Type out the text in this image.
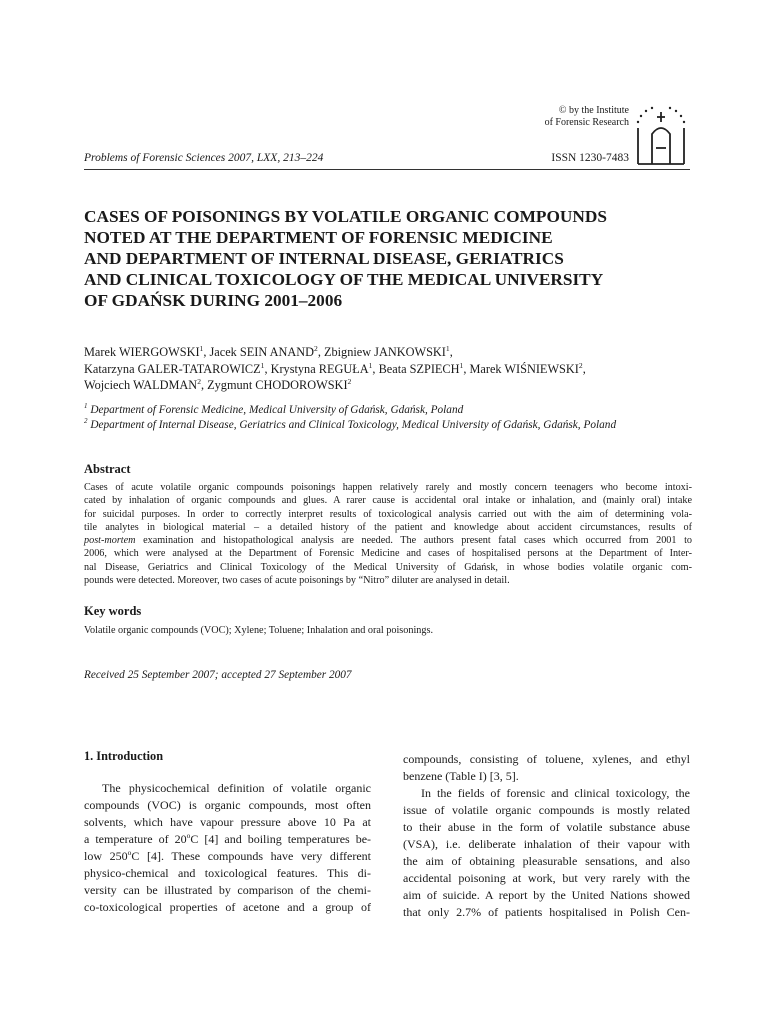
© by the Institute
of Forensic Research
Problems of Forensic Sciences 2007, LXX, 213–224	ISSN 1230-7483
CASES OF POISONINGS BY VOLATILE ORGANIC COMPOUNDS
NOTED AT THE DEPARTMENT OF FORENSIC MEDICINE
AND DEPARTMENT OF INTERNAL DISEASE, GERIATRICS
AND CLINICAL TOXICOLOGY OF THE MEDICAL UNIVERSITY
OF GDAŃSK DURING 2001–2006
Marek WIERGOWSKI$^1$, Jacek SEIN ANAND$^2$, Zbigniew JANKOWSKI$^1$,
Katarzyna GALER-TATAROWICZ$^1$, Krystyna REGUŁA$^1$, Beata SZPIECH$^1$, Marek WIŚNIEWSKI$^2$,
Wojciech WALDMAN$^2$, Zygmunt CHODOROWSKI$^2$
$^1$ Department of Forensic Medicine, Medical University of Gdańsk, Gdańsk, Poland
$^2$ Department of Internal Disease, Geriatrics and Clinical Toxicology, Medical University of Gdańsk, Gdańsk, Poland
Abstract
Cases of acute volatile organic compounds poisonings happen relatively rarely and mostly concern teenagers who become intoxi-
cated by inhalation of organic compounds and glues. A rarer cause is accidental oral intake or inhalation, and (mainly oral) intake
for suicidal purposes. In order to correctly interpret results of toxicological analysis carried out with the aim of determining vola-
tile analytes in biological material – a detailed history of the patient and knowledge about accident circumstances, results of
post-mortem examination and histopathological analysis are needed. The authors present fatal cases which occurred from 2001 to
2006, which were analysed at the Department of Forensic Medicine and cases of hospitalised persons at the Department of Inter-
nal Disease, Geriatrics and Clinical Toxicology of the Medical University of Gdańsk, in whose bodies volatile organic com-
pounds were detected. Moreover, two cases of acute poisonings by “Nitro” diluter are analysed in detail.
Key words
Volatile organic compounds (VOC); Xylene; Toluene; Inhalation and oral poisonings.
Received 25 September 2007; accepted 27 September 2007
1. Introduction
The physicochemical definition of volatile organic
compounds (VOC) is organic compounds, most often
solvents, which have vapour pressure above 10 Pa at
a temperature of 20$^o$C [4] and boiling temperatures be-
low 250$^o$C [4]. These compounds have very different
physico-chemical and toxicological features. This di-
versity can be illustrated by comparison of the chemi-
co-toxicological properties of acetone and a group of
compounds, consisting of toluene, xylenes, and ethyl
benzene (Table I) [3, 5].
In the fields of forensic and clinical toxicology, the
issue of volatile organic compounds is mostly related
to their abuse in the form of volatile substance abuse
(VSA), i.e. deliberate inhalation of their vapour with
the aim of obtaining pleasurable sensations, and also
accidental poisoning at work, but very rarely with the
aim of suicide. A report by the United Nations showed
that only 2.7% of patients hospitalised in Polish Cen-
